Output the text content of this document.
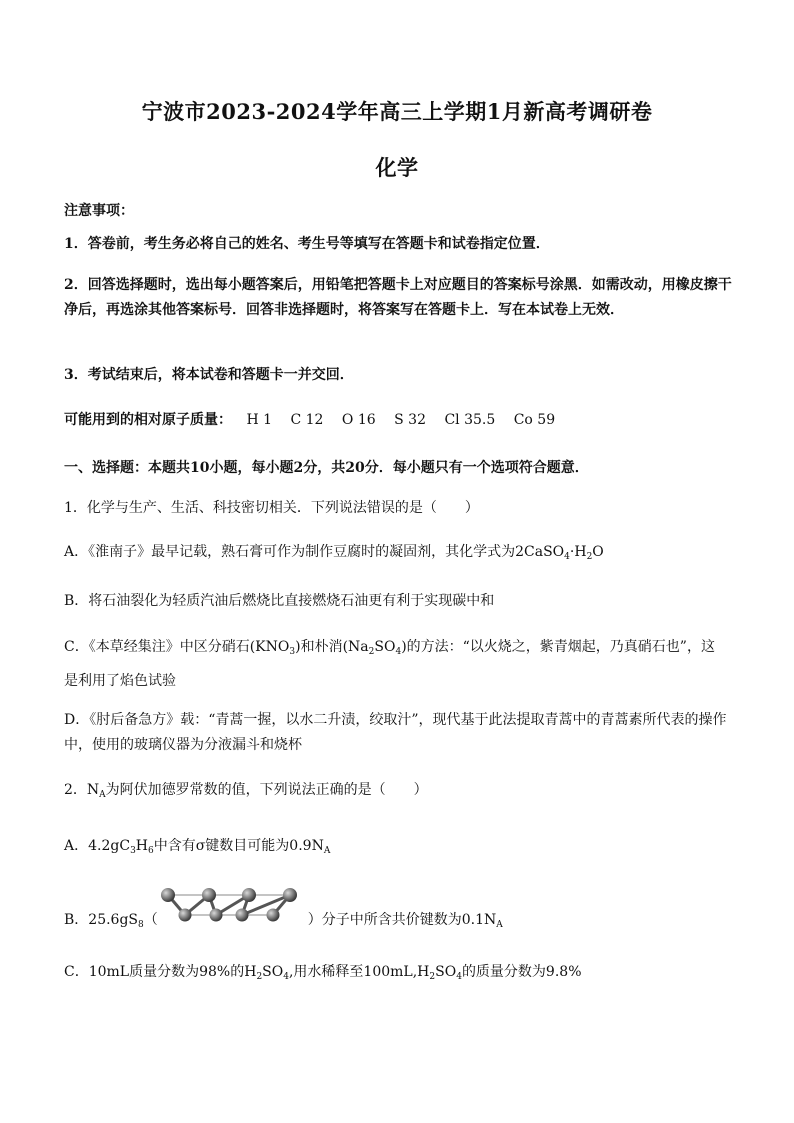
宁波市2023-2024学年高三上学期1月新高考调研卷
化学
注意事项：
1．答卷前，考生务必将自己的姓名、考生号等填写在答题卡和试卷指定位置．
2．回答选择题时，选出每小题答案后，用铅笔把答题卡上对应题目的答案标号涂黑．如需改动，用橡皮擦干净后，再选涂其他答案标号．回答非选择题时，将答案写在答题卡上．写在本试卷上无效．
3．考试结束后，将本试卷和答题卡一并交回．
可能用到的相对原子质量： H 1 C 12 O 16 S 32 Cl 35.5 Co 59
一、选择题：本题共10小题，每小题2分，共20分．每小题只有一个选项符合题意．
1．化学与生产、生活、科技密切相关．下列说法错误的是（　　）
A．《淮南子》最早记载，熟石膏可作为制作豆腐时的凝固剂，其化学式为$2CaSO_4\cdot H_2O$
B．将石油裂化为轻质汽油后燃烧比直接燃烧石油更有利于实现碳中和
C．《本草经集注》中区分硝石$(KNO_3)$和朴消$(Na_2SO_4)$的方法：“以火烧之，紫青烟起，乃真硝石也”，这
是利用了焰色试验
D．《肘后备急方》载：“青蒿一握，以水二升渍，绞取汁”，现代基于此法提取青蒿中的青蒿素所代表的操作
中，使用的玻璃仪器为分液漏斗和烧杯
2．$N_A$为阿伏加德罗常数的值，下列说法正确的是（　　）
A．$4.2gC_3H_6$中含有σ键数目可能为$0.9N_A$
B．$25.6gS_8$（	）分子中所含共价键数为$0.1N_A$
C．10mL质量分数为98%的$H_2SO_4$,用水稀释至$100mL,H_2SO_4$的质量分数为9.8%
